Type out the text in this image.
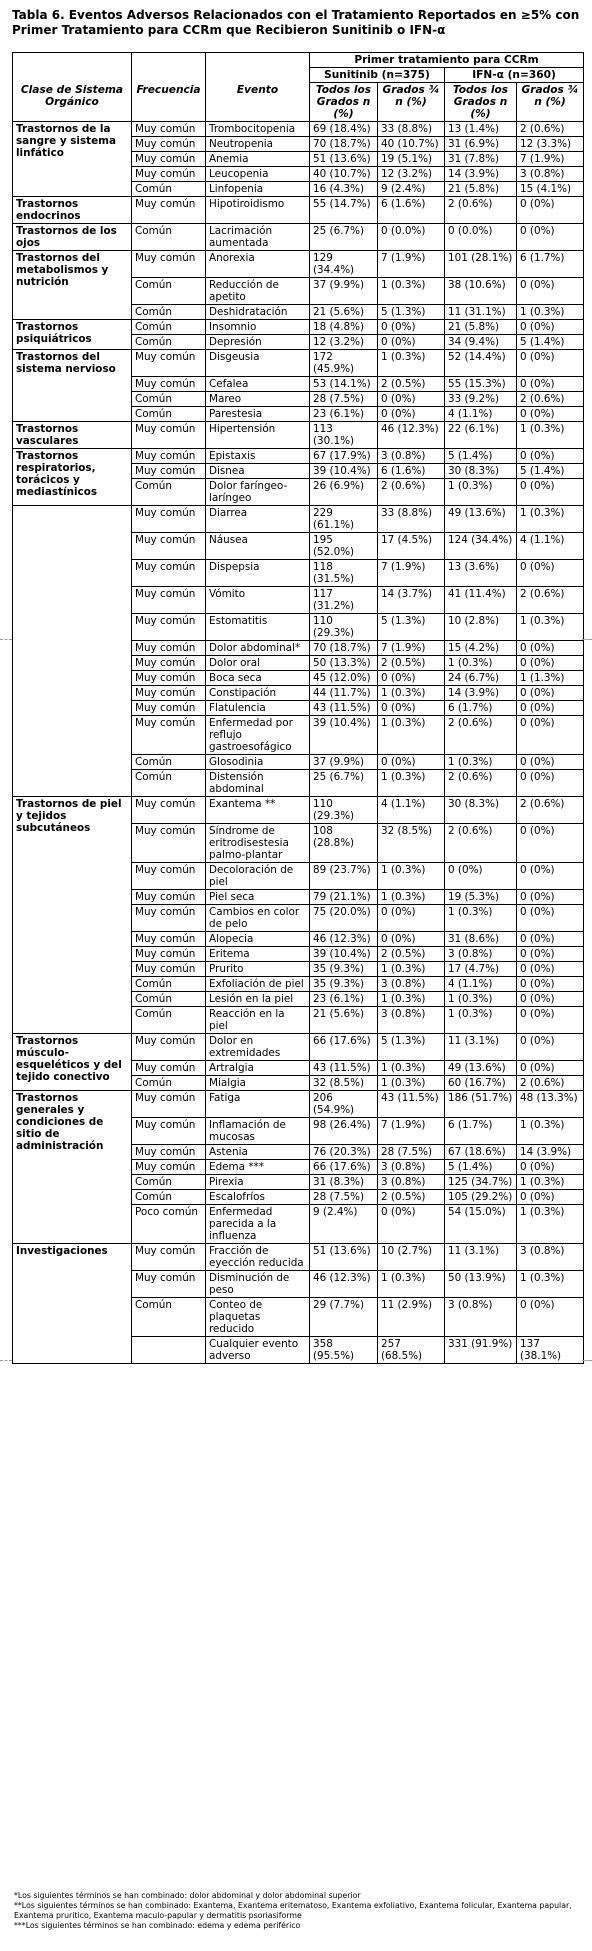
Tabla 6. Eventos Adversos Relacionados con el Tratamiento Reportados en ≥5% con Primer Tratamiento para CCRm que Recibieron Sunitinib o IFN-α
			Primer tratamiento para CCRm			
			Sunitinib (n=375)		IFN-α (n=360)	
Clase de Sistema Orgánico	Frecuencia	Evento	Todos los Grados n (%)	Grados ¾ n (%)	Todos los Grados n (%)	Grados ¾ n (%)
Trastornos de la sangre y sistema linfático	Muy común	Trombocitopenia	69 (18.4%)	33 (8.8%)	13 (1.4%)	2 (0.6%)
	Muy común	Neutropenia	70 (18.7%)	40 (10.7%)	31 (6.9%)	12 (3.3%)
	Muy común	Anemia	51 (13.6%)	19 (5.1%)	31 (7.8%)	7 (1.9%)
	Muy común	Leucopenia	40 (10.7%)	12 (3.2%)	14 (3.9%)	3 (0.8%)
	Común	Linfopenia	16 (4.3%)	9 (2.4%)	21 (5.8%)	15 (4.1%)
Trastornos endocrinos	Muy común	Hipotiroidismo	55 (14.7%)	6 (1.6%)	2 (0.6%)	0 (0%)
Trastornos de los ojos	Común	Lacrimación aumentada	25 (6.7%)	0 (0.0%)	0 (0.0%)	0 (0%)
Trastornos del metabolismos y nutrición	Muy común	Anorexia	129 (34.4%)	7 (1.9%)	101 (28.1%)	6 (1.7%)
	Común	Reducción de apetito	37 (9.9%)	1 (0.3%)	38 (10.6%)	0 (0%)
	Común	Deshidratación	21 (5.6%)	5 (1.3%)	11 (31.1%)	1 (0.3%)
Trastornos psiquiátricos	Común	Insomnio	18 (4.8%)	0 (0%)	21 (5.8%)	0 (0%)
	Común	Depresión	12 (3.2%)	0 (0%)	34 (9.4%)	5 (1.4%)
Trastornos del sistema nervioso	Muy común	Disgeusia	172 (45.9%)	1 (0.3%)	52 (14.4%)	0 (0%)
	Muy común	Cefalea	53 (14.1%)	2 (0.5%)	55 (15.3%)	0 (0%)
	Común	Mareo	28 (7.5%)	0 (0%)	33 (9.2%)	2 (0.6%)
	Común	Parestesia	23 (6.1%)	0 (0%)	4 (1.1%)	0 (0%)
Trastornos vasculares	Muy común	Hipertensión	113 (30.1%)	46 (12.3%)	22 (6.1%)	1 (0.3%)
Trastornos respiratorios, torácicos y mediastínicos	Muy común	Epistaxis	67 (17.9%)	3 (0.8%)	5 (1.4%)	0 (0%)
	Muy común	Disnea	39 (10.4%)	6 (1.6%)	30 (8.3%)	5 (1.4%)
	Común	Dolor faríngeo-laríngeo	26 (6.9%)	2 (0.6%)	1 (0.3%)	0 (0%)
	Muy común	Diarrea	229 (61.1%)	33 (8.8%)	49 (13.6%)	1 (0.3%)
	Muy común	Náusea	195 (52.0%)	17 (4.5%)	124 (34.4%)	4 (1.1%)
	Muy común	Dispepsia	118 (31.5%)	7 (1.9%)	13 (3.6%)	0 (0%)
	Muy común	Vómito	117 (31.2%)	14 (3.7%)	41 (11.4%)	2 (0.6%)
	Muy común	Estomatitis	110 (29.3%)	5 (1.3%)	10 (2.8%)	1 (0.3%)
	Muy común	Dolor abdominal*	70 (18.7%)	7 (1.9%)	15 (4.2%)	0 (0%)
	Muy común	Dolor oral	50 (13.3%)	2 (0.5%)	1 (0.3%)	0 (0%)
	Muy común	Boca seca	45 (12.0%)	0 (0%)	24 (6.7%)	1 (1.3%)
	Muy común	Constipación	44 (11.7%)	1 (0.3%)	14 (3.9%)	0 (0%)
	Muy común	Flatulencia	43 (11.5%)	0 (0%)	6 (1.7%)	0 (0%)
	Muy común	Enfermedad por reflujo gastroesofágico	39 (10.4%)	1 (0.3%)	2 (0.6%)	0 (0%)
	Común	Glosodinia	37 (9.9%)	0 (0%)	1 (0.3%)	0 (0%)
	Común	Distensión abdominal	25 (6.7%)	1 (0.3%)	2 (0.6%)	0 (0%)
Trastornos de piel y tejidos subcutáneos	Muy común	Exantema **	110 (29.3%)	4 (1.1%)	30 (8.3%)	2 (0.6%)
	Muy común	Síndrome de eritrodisestesia palmo-plantar	108 (28.8%)	32 (8.5%)	2 (0.6%)	0 (0%)
	Muy común	Decoloración de piel	89 (23.7%)	1 (0.3%)	0 (0%)	0 (0%)
	Muy común	Piel seca	79 (21.1%)	1 (0.3%)	19 (5.3%)	0 (0%)
	Muy común	Cambios en color de pelo	75 (20.0%)	0 (0%)	1 (0.3%)	0 (0%)
	Muy común	Alopecia	46 (12.3%)	0 (0%)	31 (8.6%)	0 (0%)
	Muy común	Eritema	39 (10.4%)	2 (0.5%)	3 (0.8%)	0 (0%)
	Muy común	Prurito	35 (9.3%)	1 (0.3%)	17 (4.7%)	0 (0%)
	Común	Exfoliación de piel	35 (9.3%)	3 (0.8%)	4 (1.1%)	0 (0%)
	Común	Lesión en la piel	23 (6.1%)	1 (0.3%)	1 (0.3%)	0 (0%)
	Común	Reacción en la piel	21 (5.6%)	3 (0.8%)	1 (0.3%)	0 (0%)
Trastornos músculo-esqueléticos y del tejido conectivo	Muy común	Dolor en extremidades	66 (17.6%)	5 (1.3%)	11 (3.1%)	0 (0%)
	Muy común	Artralgia	43 (11.5%)	1 (0.3%)	49 (13.6%)	0 (0%)
	Común	Mialgia	32 (8.5%)	1 (0.3%)	60 (16.7%)	2 (0.6%)
Trastornos generales y condiciones de sitio de administración	Muy común	Fatiga	206 (54.9%)	43 (11.5%)	186 (51.7%)	48 (13.3%)
	Muy común	Inflamación de mucosas	98 (26.4%)	7 (1.9%)	6 (1.7%)	1 (0.3%)
	Muy común	Astenia	76 (20.3%)	28 (7.5%)	67 (18.6%)	14 (3.9%)
	Muy común	Edema ***	66 (17.6%)	3 (0.8%)	5 (1.4%)	0 (0%)
	Común	Pirexia	31 (8.3%)	3 (0.8%)	125 (34.7%)	1 (0.3%)
	Común	Escalofríos	28 (7.5%)	2 (0.5%)	105 (29.2%)	0 (0%)
	Poco común	Enfermedad parecida a la influenza	9 (2.4%)	0 (0%)	54 (15.0%)	1 (0.3%)
Investigaciones	Muy común	Fracción de eyección reducida	51 (13.6%)	10 (2.7%)	11 (3.1%)	3 (0.8%)
	Muy común	Disminución de peso	46 (12.3%)	1 (0.3%)	50 (13.9%)	1 (0.3%)
	Común	Conteo de plaquetas reducido	29 (7.7%)	11 (2.9%)	3 (0.8%)	0 (0%)
		Cualquier evento adverso	358 (95.5%)	257 (68.5%)	331 (91.9%)	137 (38.1%)
*Los siguientes términos se han combinado: dolor abdominal y dolor abdominal superior
**Los siguientes términos se han combinado: Exantema, Exantema eritematoso, Exantema exfoliativo, Exantema folicular, Exantema papular, Exantema pruritico, Exantema maculo-papular y dermatitis psoriasiforme
***Los siguientes términos se han combinado: edema y edema periférico
